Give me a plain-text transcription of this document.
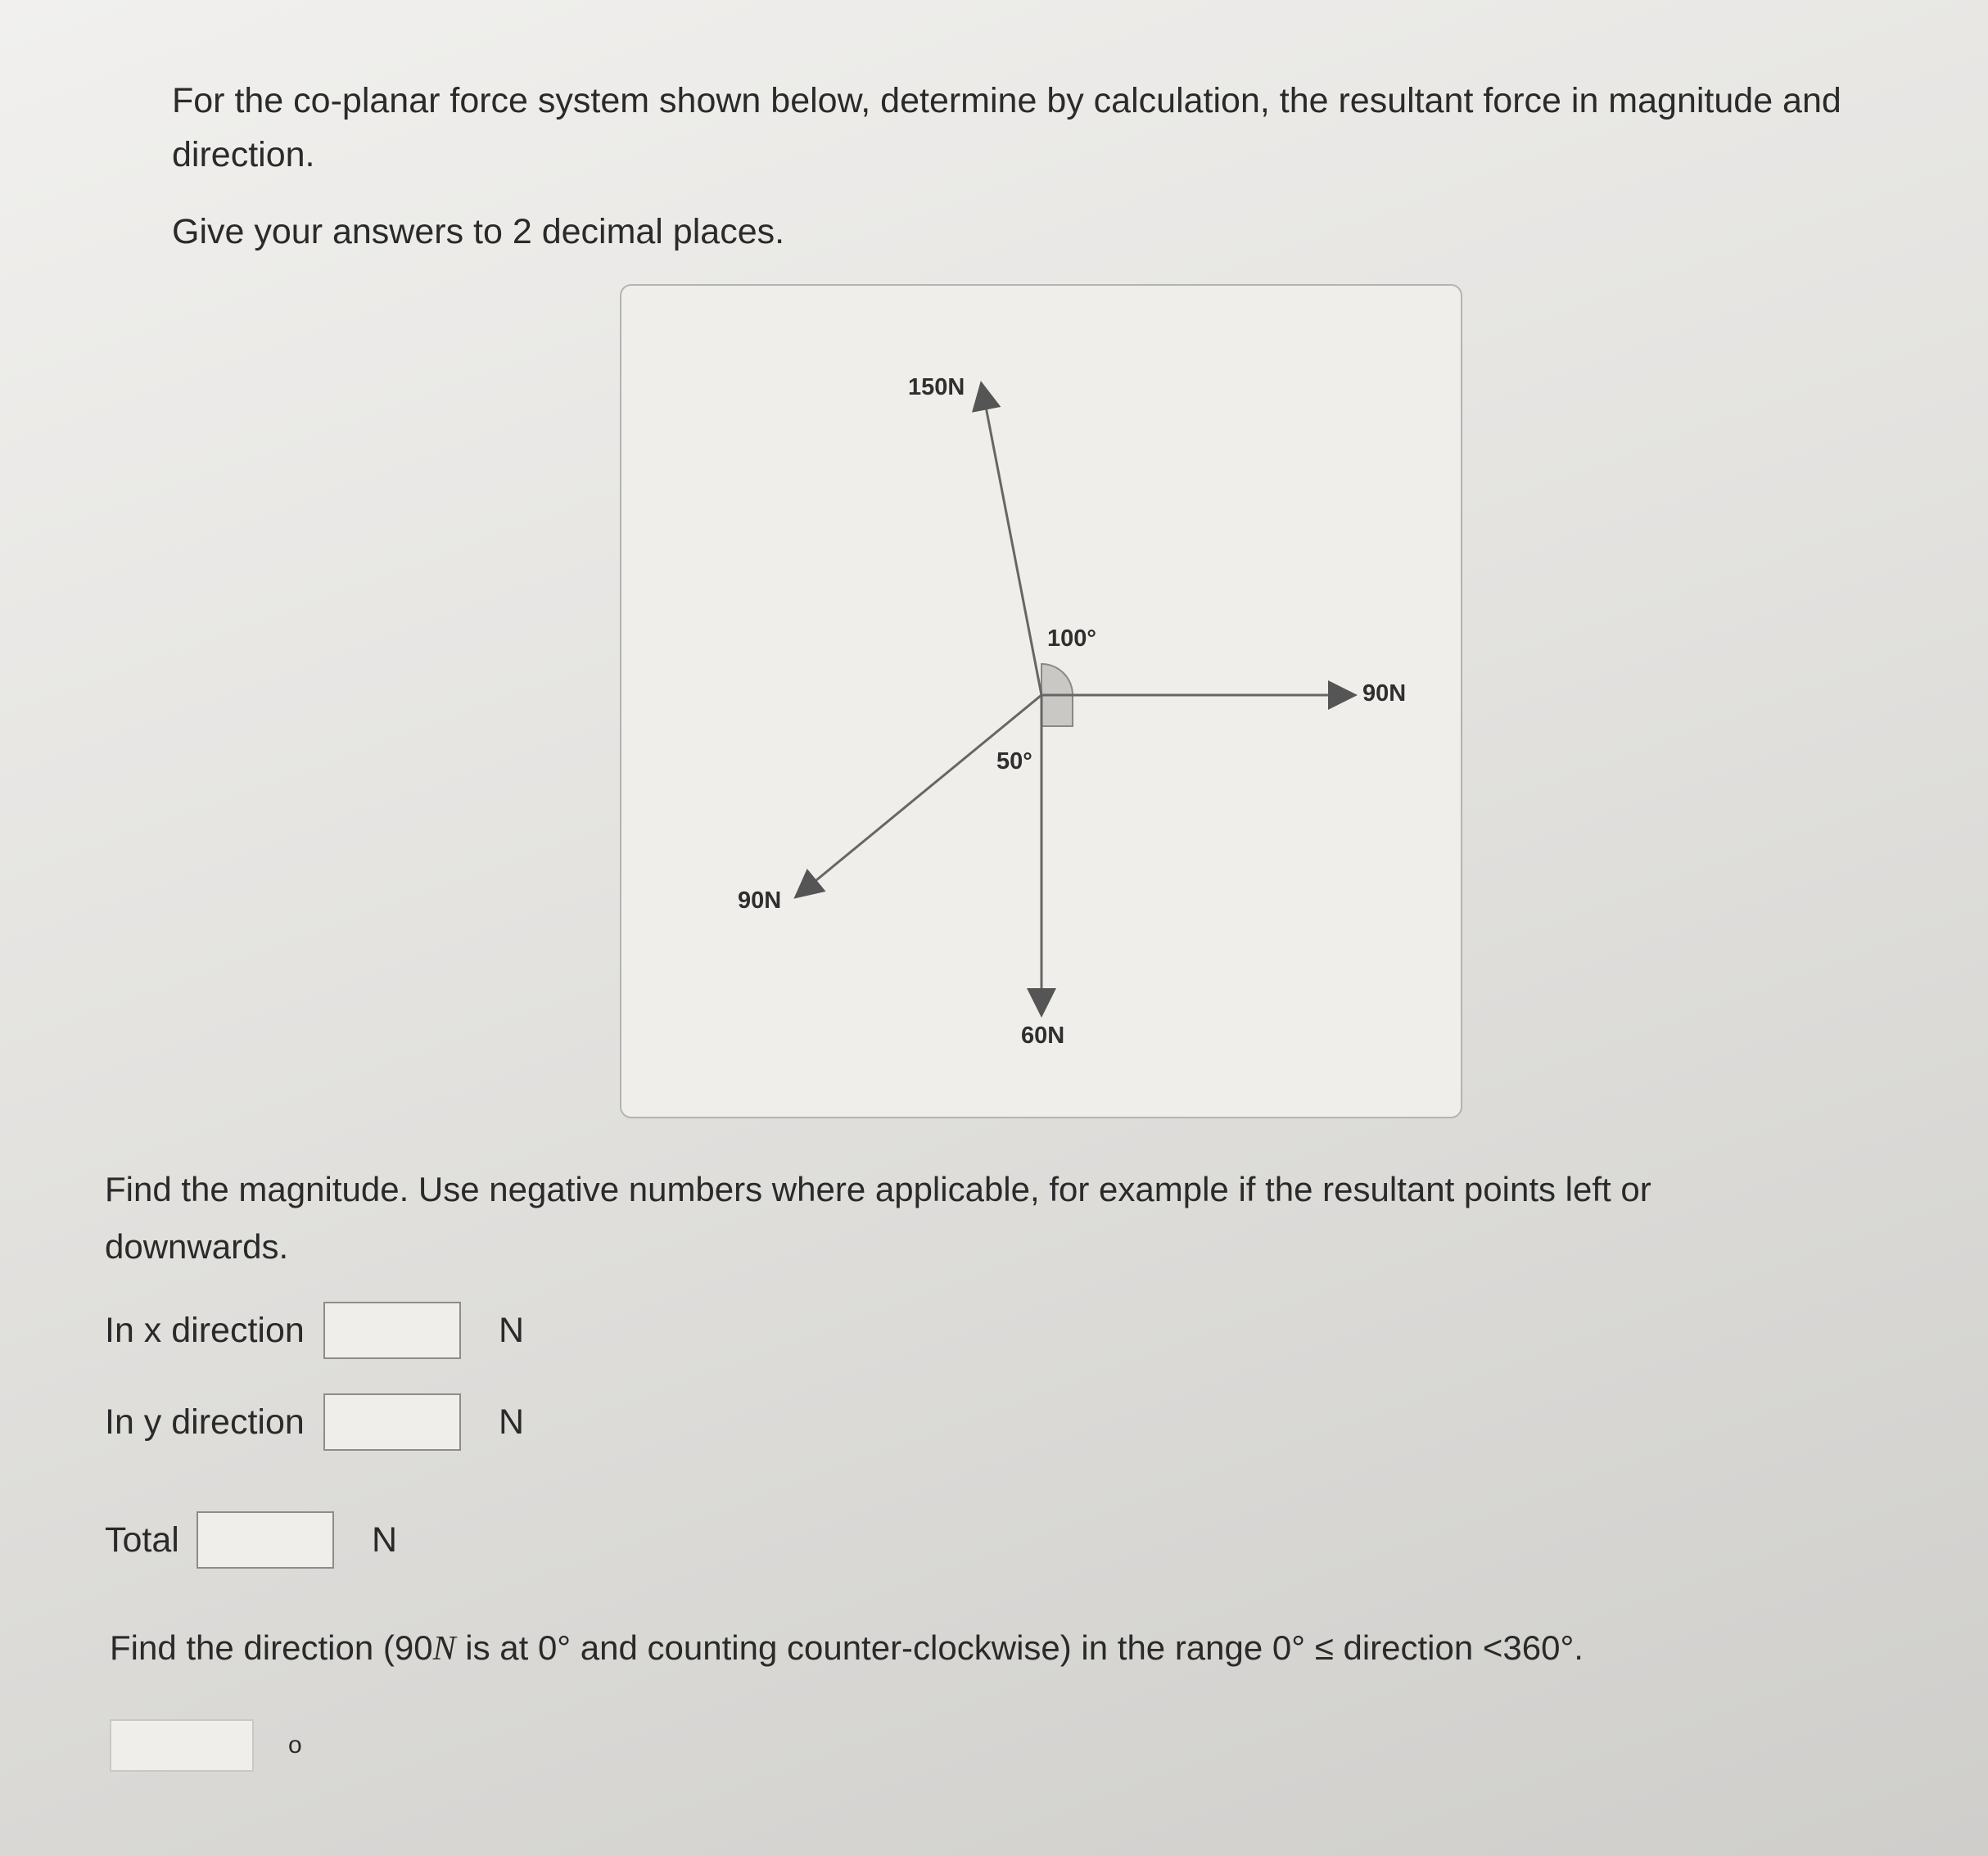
For the co-planar force system shown below, determine by calculation, the resultant force in magnitude and direction.
Give your answers to 2 decimal places.
150N
100°
90N
50°
90N
60N
Find the magnitude. Use negative numbers where applicable, for example if the resultant points left or downwards.
In x direction	N
In y direction	N
Total	N
Find the direction (90N is at 0° and counting counter-clockwise) in the range 0° ≤ direction <360°.
o
